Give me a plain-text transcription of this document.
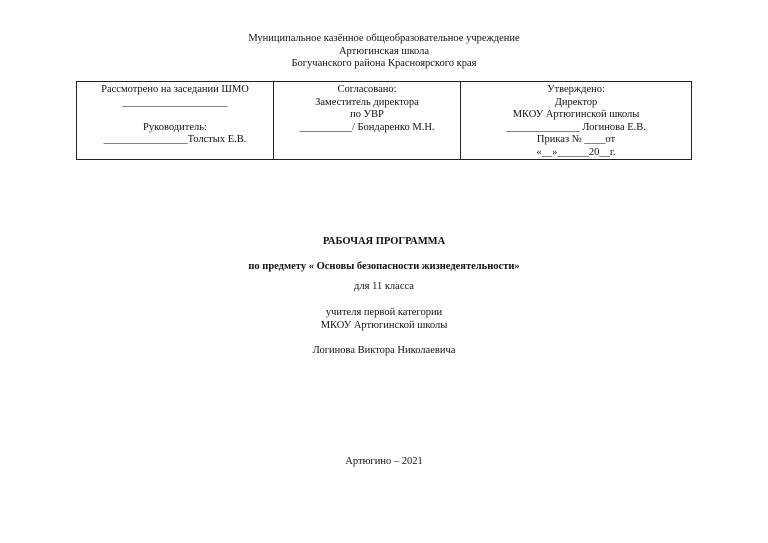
Муниципальное казённое общеобразовательное учреждение
Артюгинская школа
Богучанского района Красноярского края
Рассмотрено на заседании ШМО
____________________
Руководитель:
________________Толстых Е.В.

Согласовано:
Заместитель директора
по УВР
__________/ Бондаренко М.Н.

Утверждено:
Директор
МКОУ Артюгинской школы
______________ Логинова Е.В.
Приказ № ____от
«__»______20__г.
РАБОЧАЯ ПРОГРАММА
по предмету « Основы безопасности жизнедеятельности»
для 11 класса
учителя первой категории
МКОУ Артюгинской школы
Логинова Виктора Николаевича
Артюгино – 2021
